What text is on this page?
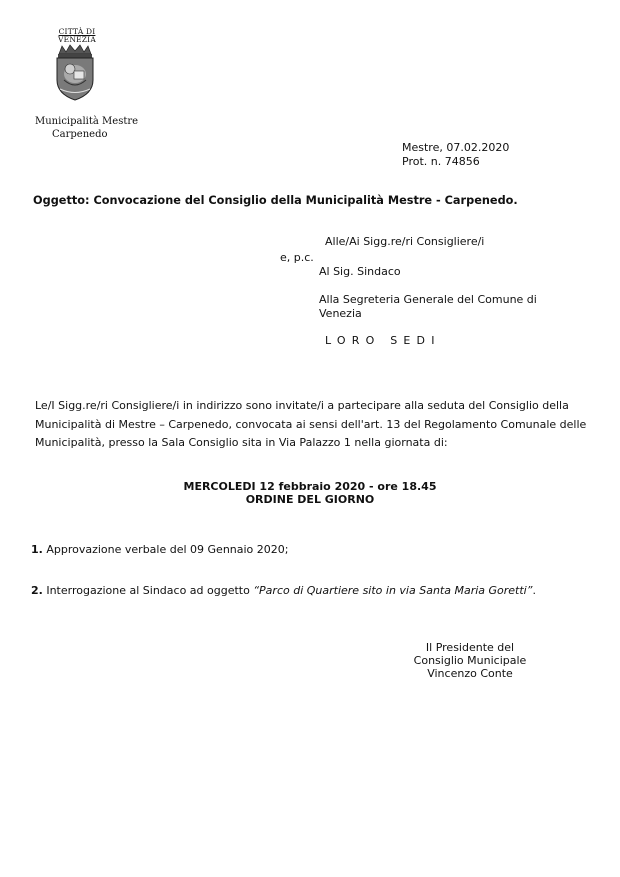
CITTÀ DI
VENEZIA
Municipalità Mestre
Carpenedo
Mestre, 07.02.2020
Prot. n. 74856
Oggetto: Convocazione del Consiglio della Municipalità Mestre - Carpenedo.
Alle/Ai Sigg.re/ri Consigliere/i
e, p.c.
Al Sig. Sindaco
Alla Segreteria Generale del Comune di Venezia
LORO SEDI
Le/I Sigg.re/ri Consigliere/i in indirizzo sono invitate/i a partecipare alla seduta del Consiglio della
Municipalità di Mestre – Carpenedo, convocata ai sensi dell'art. 13 del Regolamento Comunale delle
Municipalità, presso la Sala Consiglio sita in Via Palazzo 1 nella giornata di:
MERCOLEDI 12 febbraio 2020 - ore 18.45
ORDINE DEL GIORNO
1. Approvazione verbale del 09 Gennaio 2020;
2. Interrogazione al Sindaco ad oggetto “Parco di Quartiere sito in via Santa Maria Goretti”.
Il Presidente del
Consiglio Municipale
Vincenzo Conte
